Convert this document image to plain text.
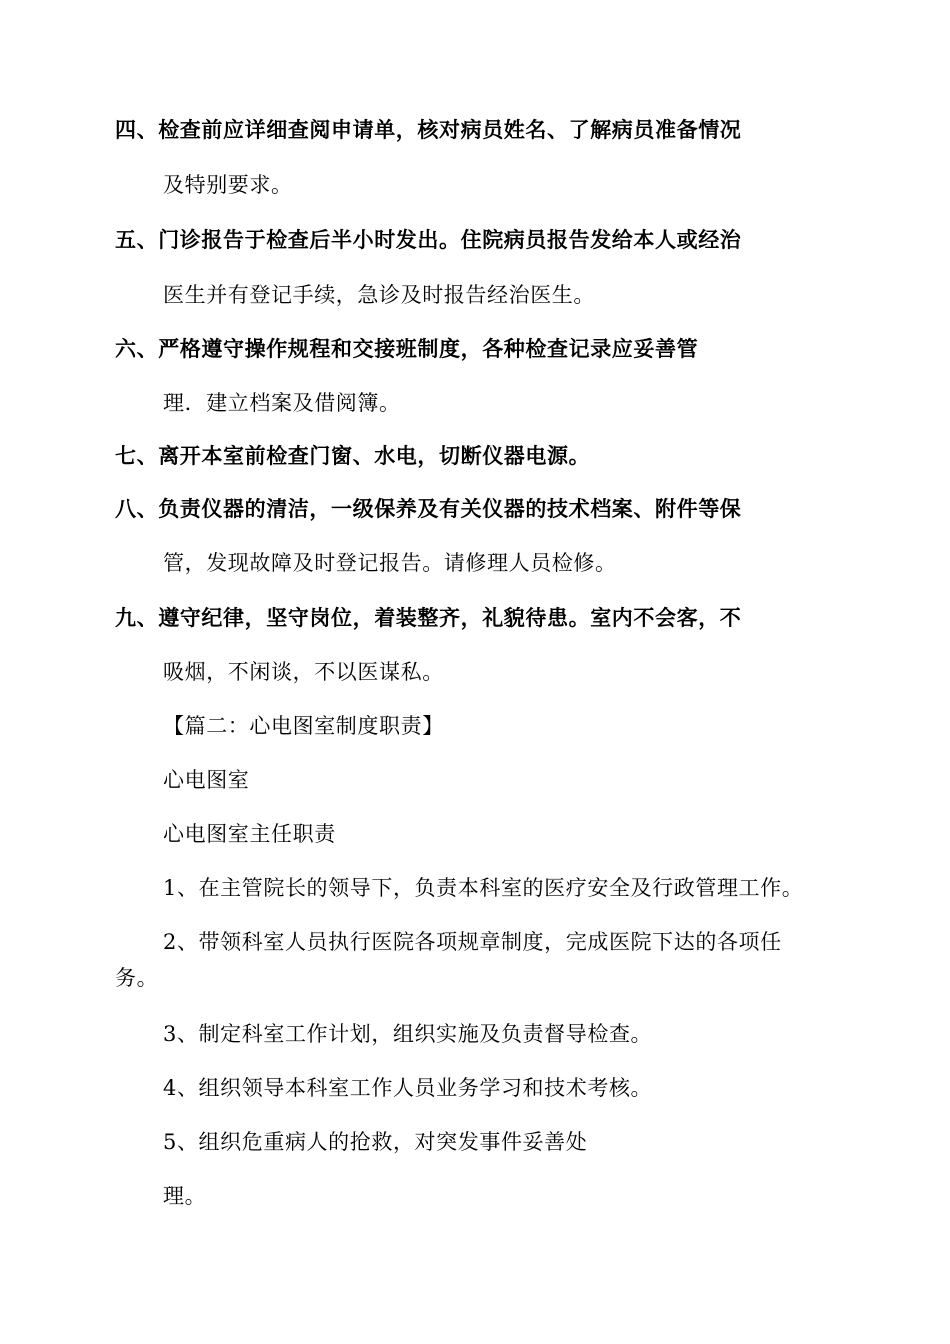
四、检查前应详细查阅申请单，核对病员姓名、了解病员准备情况
及特别要求。
五、门诊报告于检查后半小时发出。住院病员报告发给本人或经治
医生并有登记手续，急诊及时报告经治医生。
六、严格遵守操作规程和交接班制度，各种检查记录应妥善管
理．建立档案及借阅簿。
七、离开本室前检查门窗、水电，切断仪器电源。
八、负责仪器的清洁，一级保养及有关仪器的技术档案、附件等保
管，发现故障及时登记报告。请修理人员检修。
九、遵守纪律，坚守岗位，着装整齐，礼貌待患。室内不会客，不
吸烟，不闲谈，不以医谋私。
【篇二：心电图室制度职责】
心电图室
心电图室主任职责
1、在主管院长的领导下，负责本科室的医疗安全及行政管理工作。
2、带领科室人员执行医院各项规章制度，完成医院下达的各项任
务。
3、制定科室工作计划，组织实施及负责督导检查。
4、组织领导本科室工作人员业务学习和技术考核。
5、组织危重病人的抢救，对突发事件妥善处
理。
